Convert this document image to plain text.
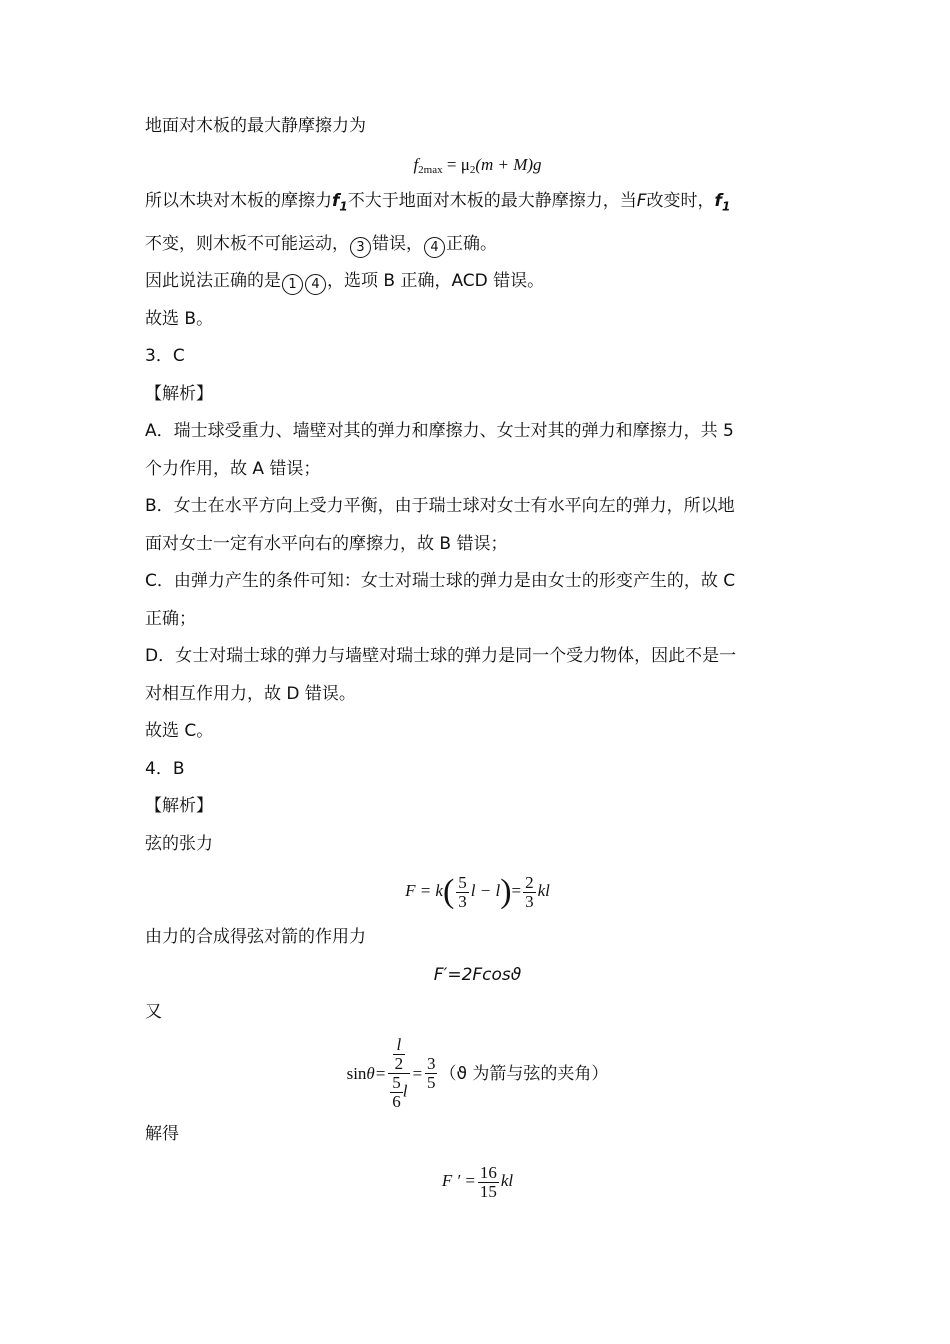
地面对木板的最大静摩擦力为

$f_{2max} = \mu_2(m + M)g$

所以木块对木板的摩擦力$f_1$不大于地面对木板的最大静摩擦力，当F改变时，$f_1$

不变，则木板不可能运动， 3 错误， 4 正确。

因此说法正确的是 1 4 ，选项 B 正确，ACD 错误。

故选 B。

3．C

【解析】

A．瑞士球受重力、墙壁对其的弹力和摩擦力、女士对其的弹力和摩擦力，共 5

个力作用，故 A 错误；

B．女士在水平方向上受力平衡，由于瑞士球对女士有水平向左的弹力，所以地

面对女士一定有水平向右的摩擦力，故 B 错误；

C．由弹力产生的条件可知：女士对瑞士球的弹力是由女士的形变产生的，故 C

正确；

D．女士对瑞士球的弹力与墙壁对瑞士球的弹力是同一个受力物体，因此不是一

对相互作用力，故 D 错误。

故选 C。

4．B

【解析】

弦的张力

$F = k( \frac{5}{3}$ $l - l)= \frac{2}{3}$ kl

由力的合成得弦对箭的作用力

F′=2Fcosϑ

又

$\sin\theta= \frac{\frac{l}{2}}{\frac{5}{6} l} = \frac{3}{5} (ϑ$ 为箭与弦的夹角）

解得

F ′ = $\frac{16}{15}$ kl
